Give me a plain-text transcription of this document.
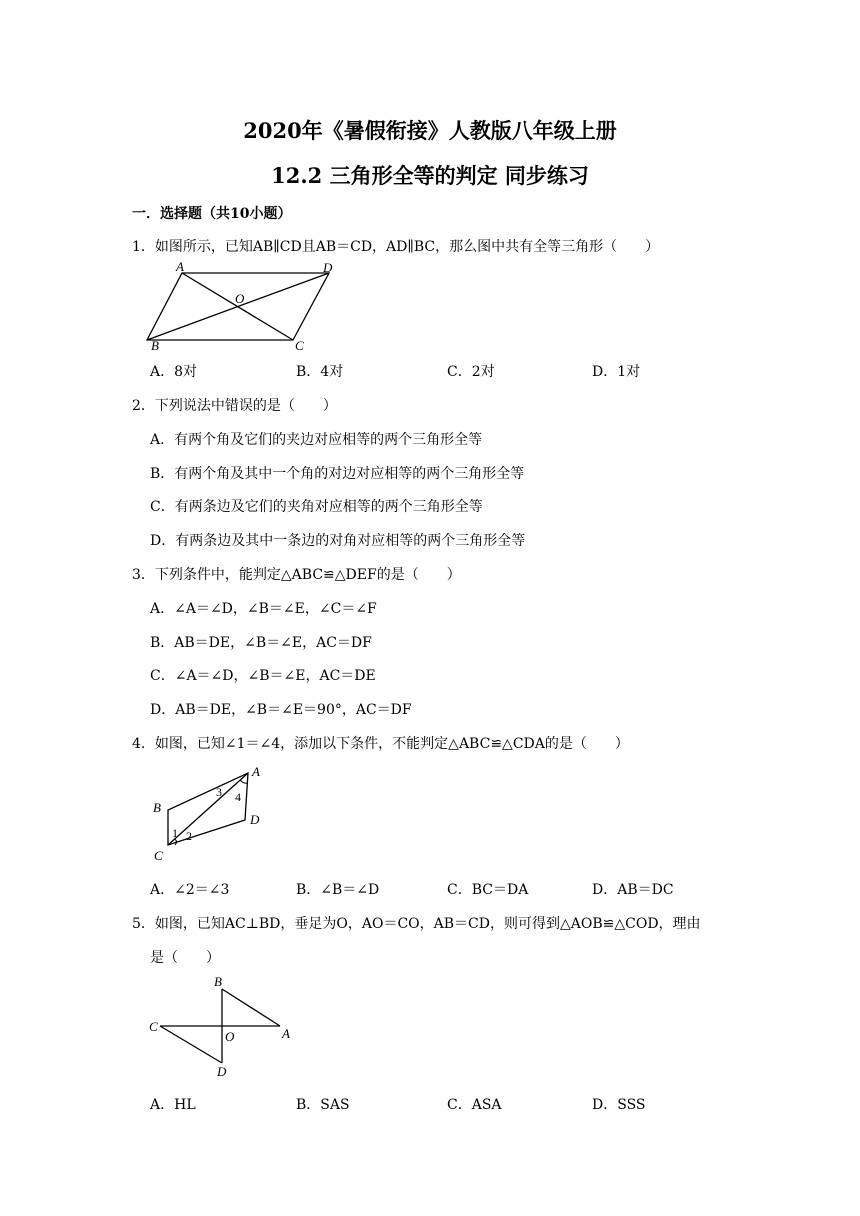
2020年《暑假衔接》人教版八年级上册
12.2 三角形全等的判定 同步练习
一．选择题（共10小题）
1．如图所示，已知AB∥CD且AB＝CD，AD∥BC，那么图中共有全等三角形（　　）
A	D
O
B	C
A．8对	B．4对	C．2对	D．1对
2．下列说法中错误的是（　　）
A．有两个角及它们的夹边对应相等的两个三角形全等
B．有两个角及其中一个角的对边对应相等的两个三角形全等
C．有两条边及它们的夹角对应相等的两个三角形全等
D．有两条边及其中一条边的对角对应相等的两个三角形全等
3．下列条件中，能判定△ABC≌△DEF的是（　　）
A．∠A＝∠D，∠B＝∠E，∠C＝∠F
B．AB＝DE，∠B＝∠E，AC＝DF
C．∠A＝∠D，∠B＝∠E，AC＝DE
D．AB＝DE，∠B＝∠E＝90°，AC＝DF
4．如图，已知∠1＝∠4，添加以下条件，不能判定△ABC≌△CDA的是（　　）
A
B
C
D
1 2
3 4
A．∠2＝∠3	B．∠B＝∠D	C．BC＝DA	D．AB＝DC
5．如图，已知AC⊥BD，垂足为O，AO＝CO，AB＝CD，则可得到△AOB≌△COD，理由
是（　　）
B
C
O	A
D
A．HL	B．SAS	C．ASA	D．SSS
